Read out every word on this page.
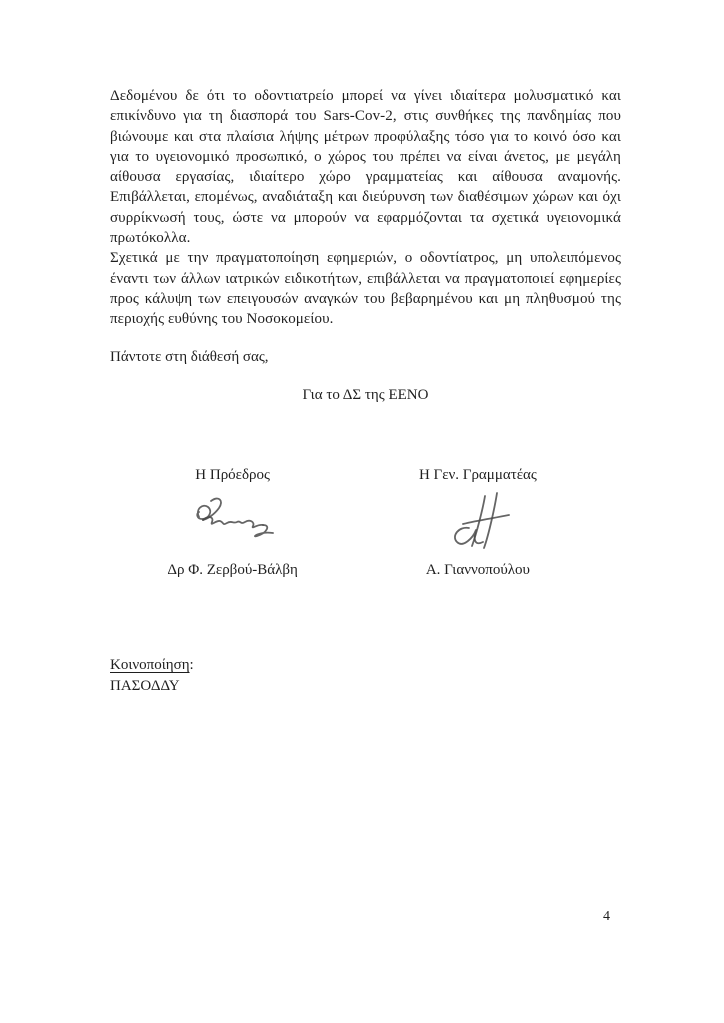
Δεδομένου δε ότι το οδοντιατρείο μπορεί να γίνει ιδιαίτερα μολυσματικό και επικίνδυνο για τη διασπορά του Sars-Cov-2, στις συνθήκες της πανδημίας που βιώνουμε και στα πλαίσια λήψης μέτρων προφύλαξης τόσο για το κοινό όσο και για το υγειονομικό προσωπικό, ο χώρος του πρέπει να είναι άνετος, με μεγάλη αίθουσα εργασίας, ιδιαίτερο χώρο γραμματείας και αίθουσα αναμονής. Επιβάλλεται, επομένως, αναδιάταξη και διεύρυνση των διαθέσιμων χώρων και όχι συρρίκνωσή τους, ώστε να μπορούν να εφαρμόζονται τα σχετικά υγειονομικά πρωτόκολλα.

Σχετικά με την πραγματοποίηση εφημεριών, ο οδοντίατρος, μη υπολειπόμενος έναντι των άλλων ιατρικών ειδικοτήτων, επιβάλλεται να πραγματοποιεί εφημερίες προς κάλυψη των επειγουσών αναγκών του βεβαρημένου και μη πληθυσμού της περιοχής ευθύνης του Νοσοκομείου.

Πάντοτε στη διάθεσή σας,

Για το ΔΣ της ΕΕΝΟ

Η Πρόεδρος	Η Γεν. Γραμματέας
Δρ Φ. Ζερβού-Βάλβη	Α. Γιαννοπούλου
Κοινοποίηση:

ΠΑΣΟΔΔΥ

4
